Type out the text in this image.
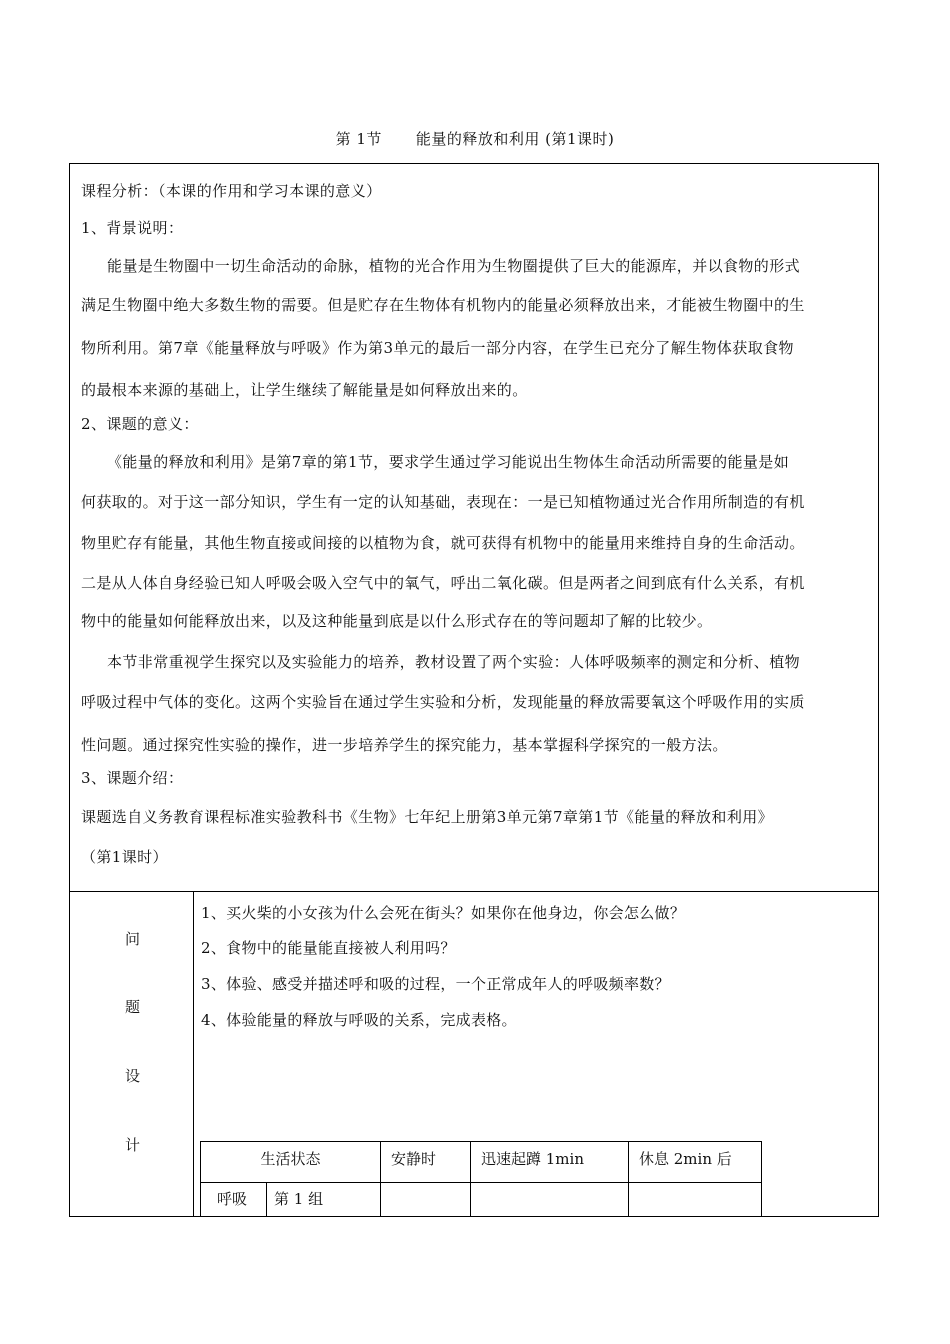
第 1节 能量的释放和利用 (第1课时)
课程分析：（本课的作用和学习本课的意义）
1、背景说明：
能量是生物圈中一切生命活动的命脉，植物的光合作用为生物圈提供了巨大的能源库，并以食物的形式
满足生物圈中绝大多数生物的需要。但是贮存在生物体有机物内的能量必须释放出来，才能被生物圈中的生
物所利用。第7章《能量释放与呼吸》作为第3单元的最后一部分内容，在学生已充分了解生物体获取食物
的最根本来源的基础上，让学生继续了解能量是如何释放出来的。
2、课题的意义：
《能量的释放和利用》是第7章的第1节，要求学生通过学习能说出生物体生命活动所需要的能量是如
何获取的。对于这一部分知识，学生有一定的认知基础，表现在：一是已知植物通过光合作用所制造的有机
物里贮存有能量，其他生物直接或间接的以植物为食，就可获得有机物中的能量用来维持自身的生命活动。
二是从人体自身经验已知人呼吸会吸入空气中的氧气，呼出二氧化碳。但是两者之间到底有什么关系，有机
物中的能量如何能释放出来，以及这种能量到底是以什么形式存在的等问题却了解的比较少。
本节非常重视学生探究以及实验能力的培养，教材设置了两个实验：人体呼吸频率的测定和分析、植物
呼吸过程中气体的变化。这两个实验旨在通过学生实验和分析，发现能量的释放需要氧这个呼吸作用的实质
性问题。通过探究性实验的操作，进一步培养学生的探究能力，基本掌握科学探究的一般方法。
3、课题介绍：
课题选自义务教育课程标准实验教科书《生物》七年纪上册第3单元第7章第1节《能量的释放和利用》
（第1课时）
问
题
设
计
1、买火柴的小女孩为什么会死在街头？如果你在他身边，你会怎么做？
2、食物中的能量能直接被人利用吗？
3、体验、感受并描述呼和吸的过程，一个正常成年人的呼吸频率数？
4、体验能量的释放与呼吸的关系，完成表格。
生活状态		安静时	迅速起蹲 1min	休息 2min 后
呼吸	第 1 组			
